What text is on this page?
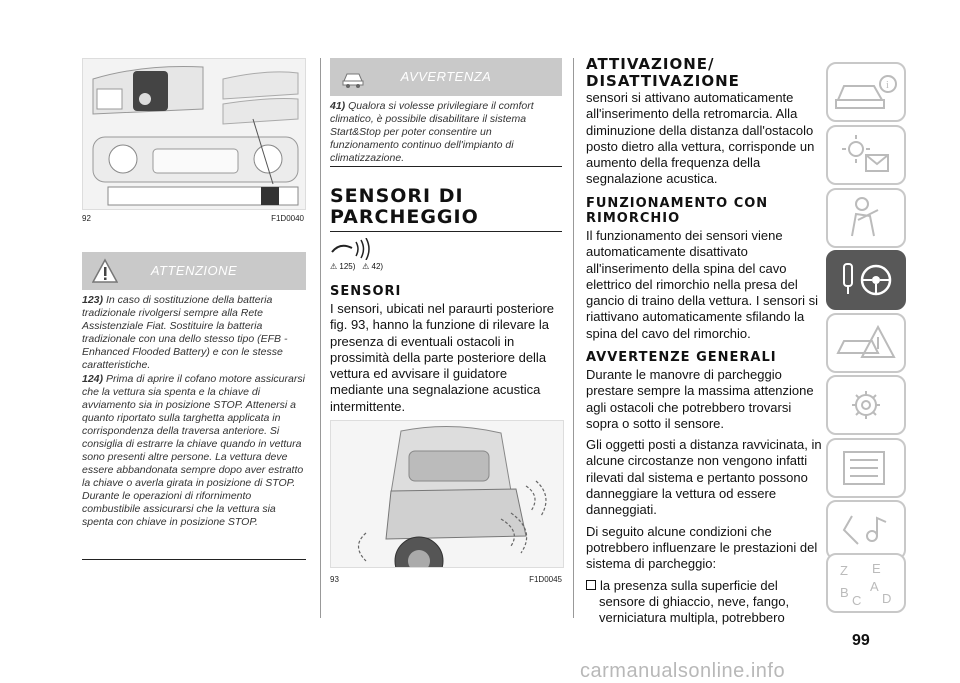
92	F1D0040
ATTENZIONE

123) In caso di sostituzione della batteria tradizionale rivolgersi sempre alla Rete Assistenziale Fiat. Sostituire la batteria tradizionale con una dello stesso tipo (EFB - Enhanced Flooded Battery) e con le stesse caratteristiche.

124) Prima di aprire il cofano motore assicurarsi che la vettura sia spenta e la chiave di avviamento sia in posizione STOP. Attenersi a quanto riportato sulla targhetta applicata in corrispondenza della traversa anteriore. Si consiglia di estrarre la chiave quando in vettura sono presenti altre persone. La vettura deve essere abbandonata sempre dopo aver estratto la chiave o averla girata in posizione di STOP. Durante le operazioni di rifornimento combustibile assicurarsi che la vettura sia spenta con chiave in posizione STOP.

AVVERTENZA

41) Qualora si volesse privilegiare il comfort climatico, è possibile disabilitare il sistema Start&Stop per poter consentire un funzionamento continuo dell'impianto di climatizzazione.

SENSORI DI PARCHEGGIO
⚠ 125) ⚠ 42)
SENSORI

I sensori, ubicati nel paraurti posteriore fig. 93, hanno la funzione di rilevare la presenza di eventuali ostacoli in prossimità della parte posteriore della vettura ed avvisare il guidatore mediante una segnalazione acustica intermittente.

93	F1D0045
ATTIVAZIONE/ DISATTIVAZIONE

sensori si attivano automaticamente all'inserimento della retromarcia. Alla diminuzione della distanza dall'ostacolo posto dietro alla vettura, corrisponde un aumento della frequenza della segnalazione acustica.

FUNZIONAMENTO CON RIMORCHIO

Il funzionamento dei sensori viene automaticamente disattivato all'inserimento della spina del cavo elettrico del rimorchio nella presa del gancio di traino della vettura. I sensori si riattivano automaticamente sfilando la spina del cavo del rimorchio.

AVVERTENZE GENERALI

Durante le manovre di parcheggio prestare sempre la massima attenzione agli ostacoli che potrebbero trovarsi sopra o sotto il sensore.

Gli oggetti posti a distanza ravvicinata, in alcune circostanze non vengono infatti rilevati dal sistema e pertanto possono danneggiare la vettura od essere danneggiati.

Di seguito alcune condizioni che potrebbero influenzare le prestazioni del sistema di parcheggio:

la presenza sulla superficie del sensore di ghiaccio, neve, fango, verniciatura multipla, potrebbero

i
Z E
B A
C D
99
carmanualsonline.info
